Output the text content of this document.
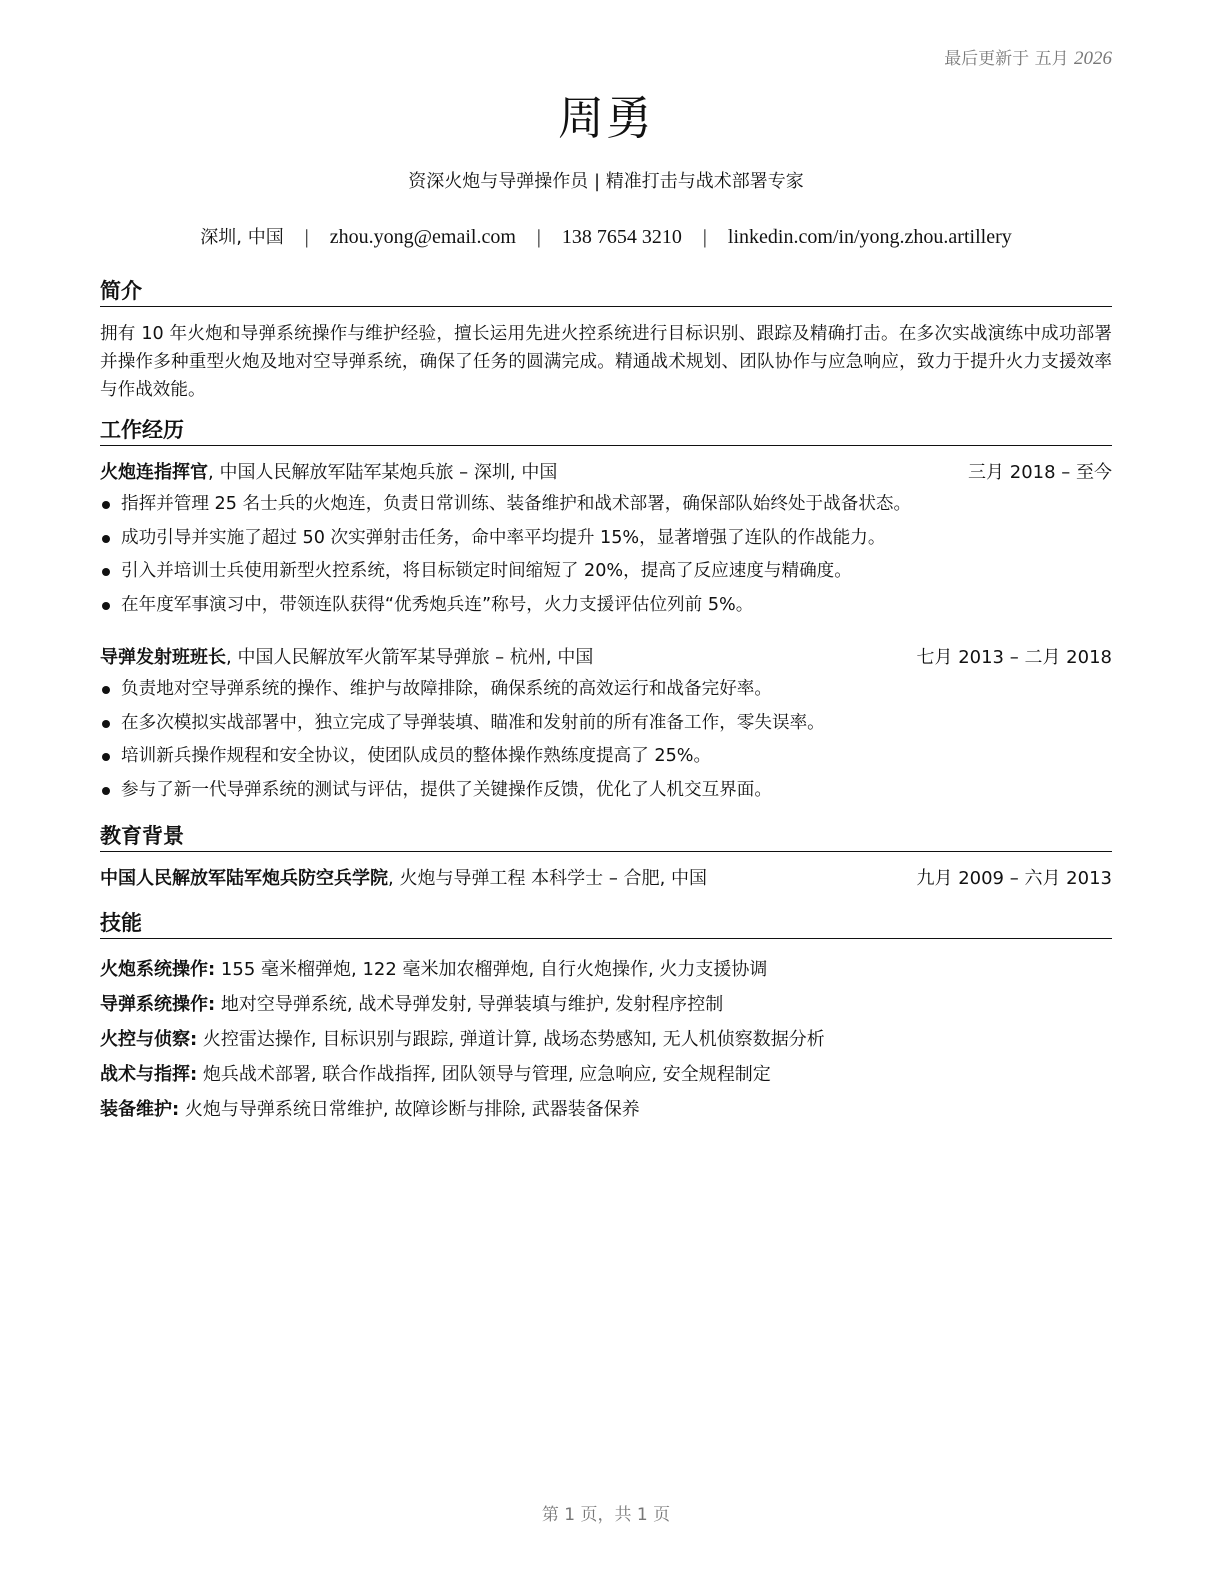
最后更新于 五月 2026
周勇
资深火炮与导弹操作员 | 精准打击与战术部署专家
深圳, 中国 | zhou.yong@email.com | 138 7654 3210 | linkedin.com/in/yong.zhou.artillery
简介
拥有 10 年火炮和导弹系统操作与维护经验，擅长运用先进火控系统进行目标识别、跟踪及精确打击。在多次实战演练中成功部署并操作多种重型火炮及地对空导弹系统，确保了任务的圆满完成。精通战术规划、团队协作与应急响应，致力于提升火力支援效率与作战效能。
工作经历
火炮连指挥官, 中国人民解放军陆军某炮兵旅 – 深圳, 中国	三月 2018 – 至今
指挥并管理 25 名士兵的火炮连，负责日常训练、装备维护和战术部署，确保部队始终处于战备状态。
成功引导并实施了超过 50 次实弹射击任务，命中率平均提升 15%，显著增强了连队的作战能力。
引入并培训士兵使用新型火控系统，将目标锁定时间缩短了 20%，提高了反应速度与精确度。
在年度军事演习中，带领连队获得“优秀炮兵连”称号，火力支援评估位列前 5%。
导弹发射班班长, 中国人民解放军火箭军某导弹旅 – 杭州, 中国	七月 2013 – 二月 2018
负责地对空导弹系统的操作、维护与故障排除，确保系统的高效运行和战备完好率。
在多次模拟实战部署中，独立完成了导弹装填、瞄准和发射前的所有准备工作，零失误率。
培训新兵操作规程和安全协议，使团队成员的整体操作熟练度提高了 25%。
参与了新一代导弹系统的测试与评估，提供了关键操作反馈，优化了人机交互界面。
教育背景
中国人民解放军陆军炮兵防空兵学院, 火炮与导弹工程 本科学士 – 合肥, 中国	九月 2009 – 六月 2013
技能
火炮系统操作: 155 毫米榴弹炮, 122 毫米加农榴弹炮, 自行火炮操作, 火力支援协调
导弹系统操作: 地对空导弹系统, 战术导弹发射, 导弹装填与维护, 发射程序控制
火控与侦察: 火控雷达操作, 目标识别与跟踪, 弹道计算, 战场态势感知, 无人机侦察数据分析
战术与指挥: 炮兵战术部署, 联合作战指挥, 团队领导与管理, 应急响应, 安全规程制定
装备维护: 火炮与导弹系统日常维护, 故障诊断与排除, 武器装备保养
第 1 页，共 1 页
